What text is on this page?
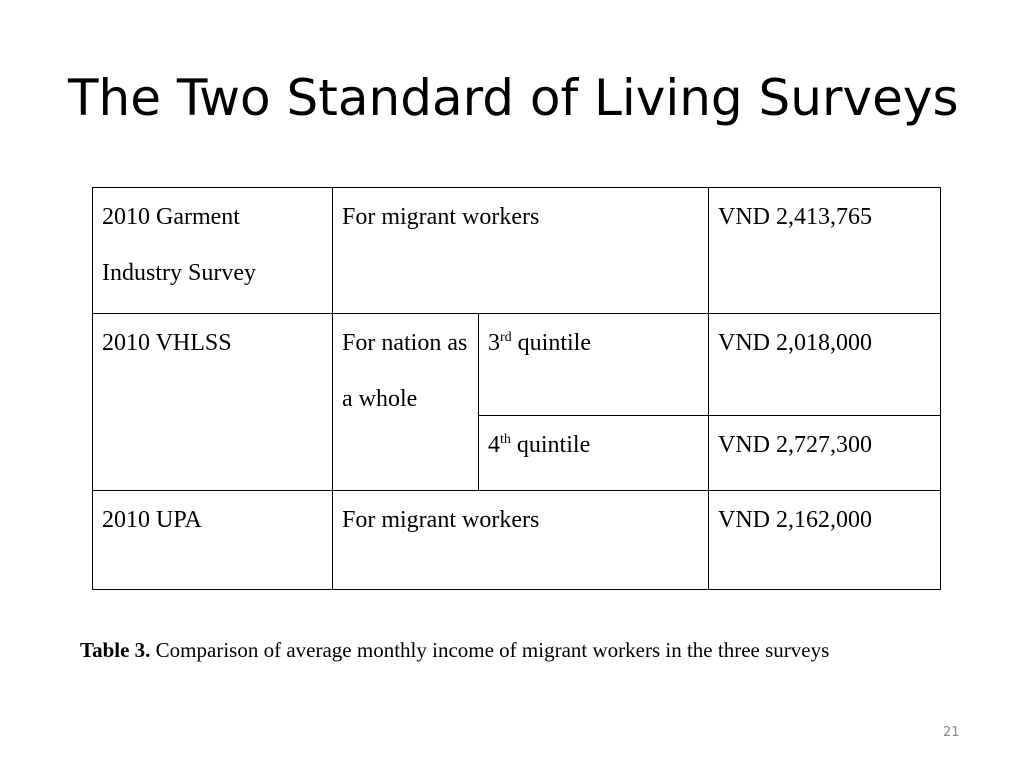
The Two Standard of Living Surveys
2010 Garment Industry Survey	For migrant workers		VND 2,413,765

2010 VHLSS	For nation as a whole	3rd quintile	VND 2,018,000

		4th quintile	VND 2,727,300

2010 UPA	For migrant workers		VND 2,162,000

Table 3. Comparison of average monthly income of migrant workers in the three surveys

21
